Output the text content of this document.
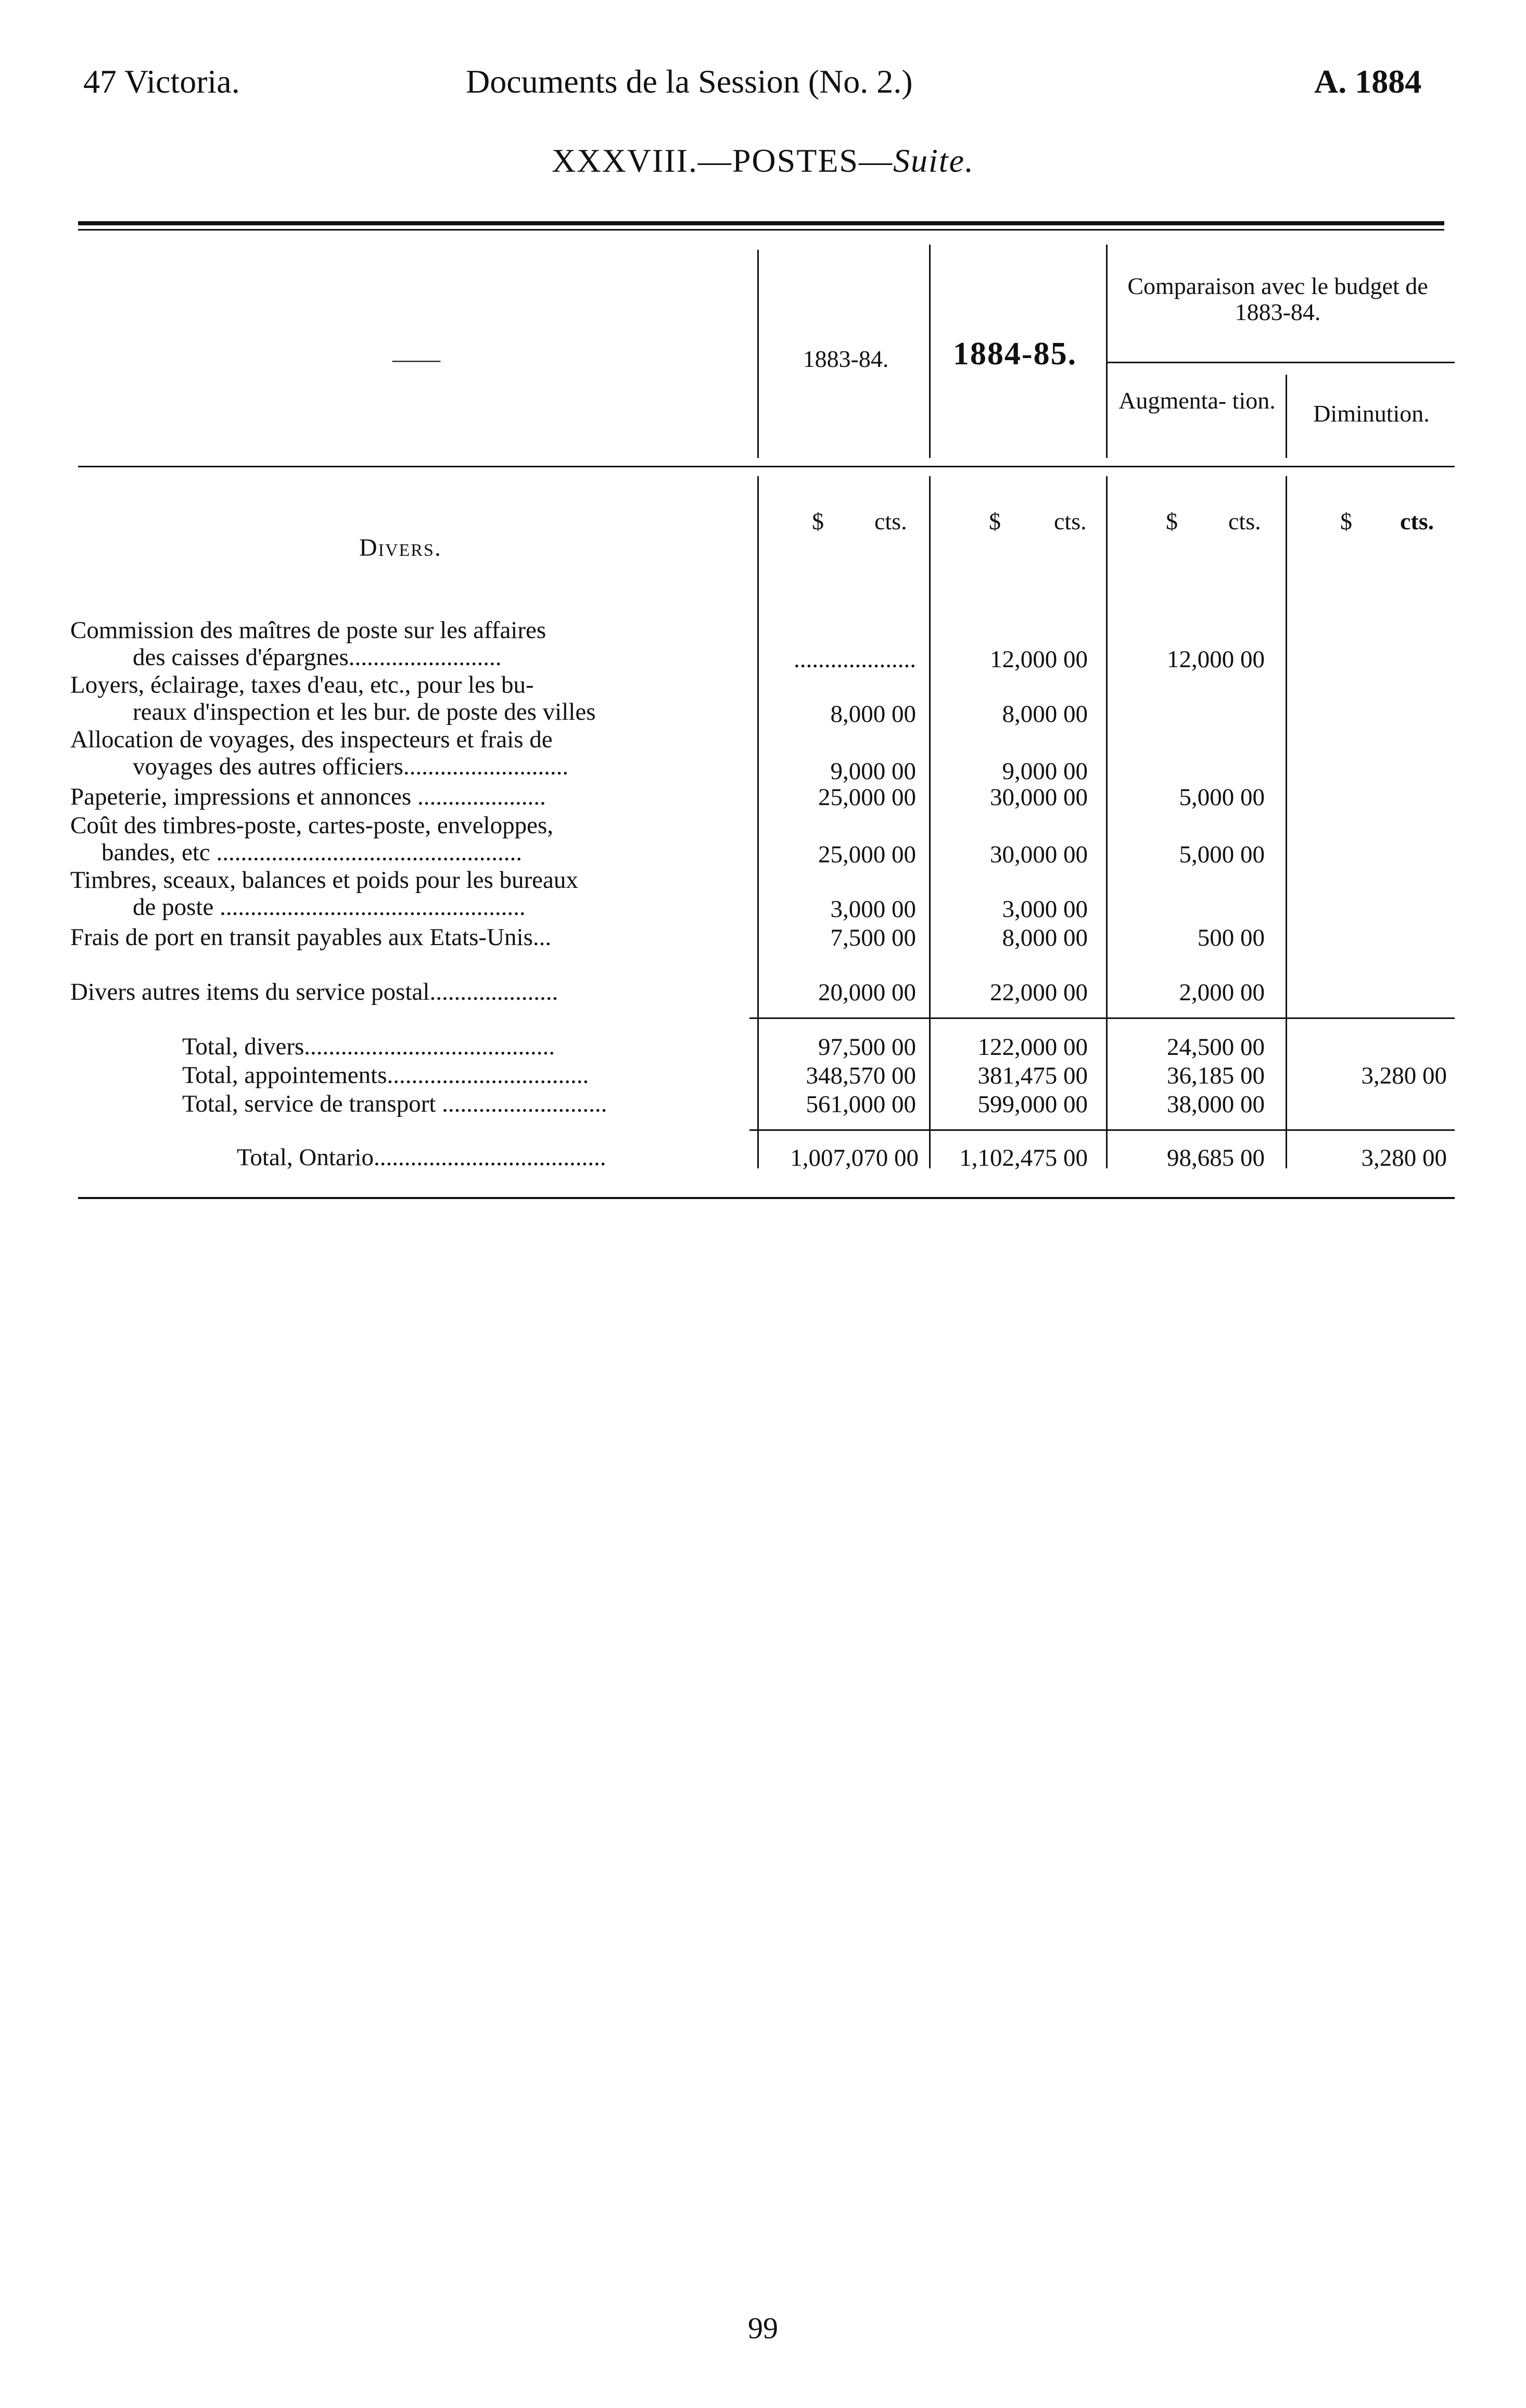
47 Victoria.	Documents de la Session (No. 2.)	A. 1884
XXXVIII.—POSTES—Suite.
——	1883-84.	1884-85.
Comparaison avec le budget de 1883-84.
Augmenta- tion.	Diminution.
$ cts.	$ cts.	$ cts.	$ cts.
Divers.
Commission des maîtres de poste sur les affaires
des caisses d'épargnes.........................	....................	12,000 00	12,000 00
Loyers, éclairage, taxes d'eau, etc., pour les bu-
reaux d'inspection et les bur. de poste des villes	8,000 00	8,000 00
Allocation de voyages, des inspecteurs et frais de
voyages des autres officiers...........................	9,000 00	9,000 00
Papeterie, impressions et annonces .....................	25,000 00	30,000 00	5,000 00
Coût des timbres-poste, cartes-poste, enveloppes,
bandes, etc ..................................................	25,000 00	30,000 00	5,000 00
Timbres, sceaux, balances et poids pour les bureaux
de poste ..................................................	3,000 00	3,000 00
Frais de port en transit payables aux Etats-Unis...	7,500 00	8,000 00	500 00
Divers autres items du service postal.....................	20,000 00	22,000 00	2,000 00
Total, divers.........................................	97,500 00	122,000 00	24,500 00
Total, appointements.................................	348,570 00	381,475 00	36,185 00	3,280 00
Total, service de transport ...........................	561,000 00	599,000 00	38,000 00
Total, Ontario......................................	1,007,070 00	1,102,475 00	98,685 00	3,280 00
99
